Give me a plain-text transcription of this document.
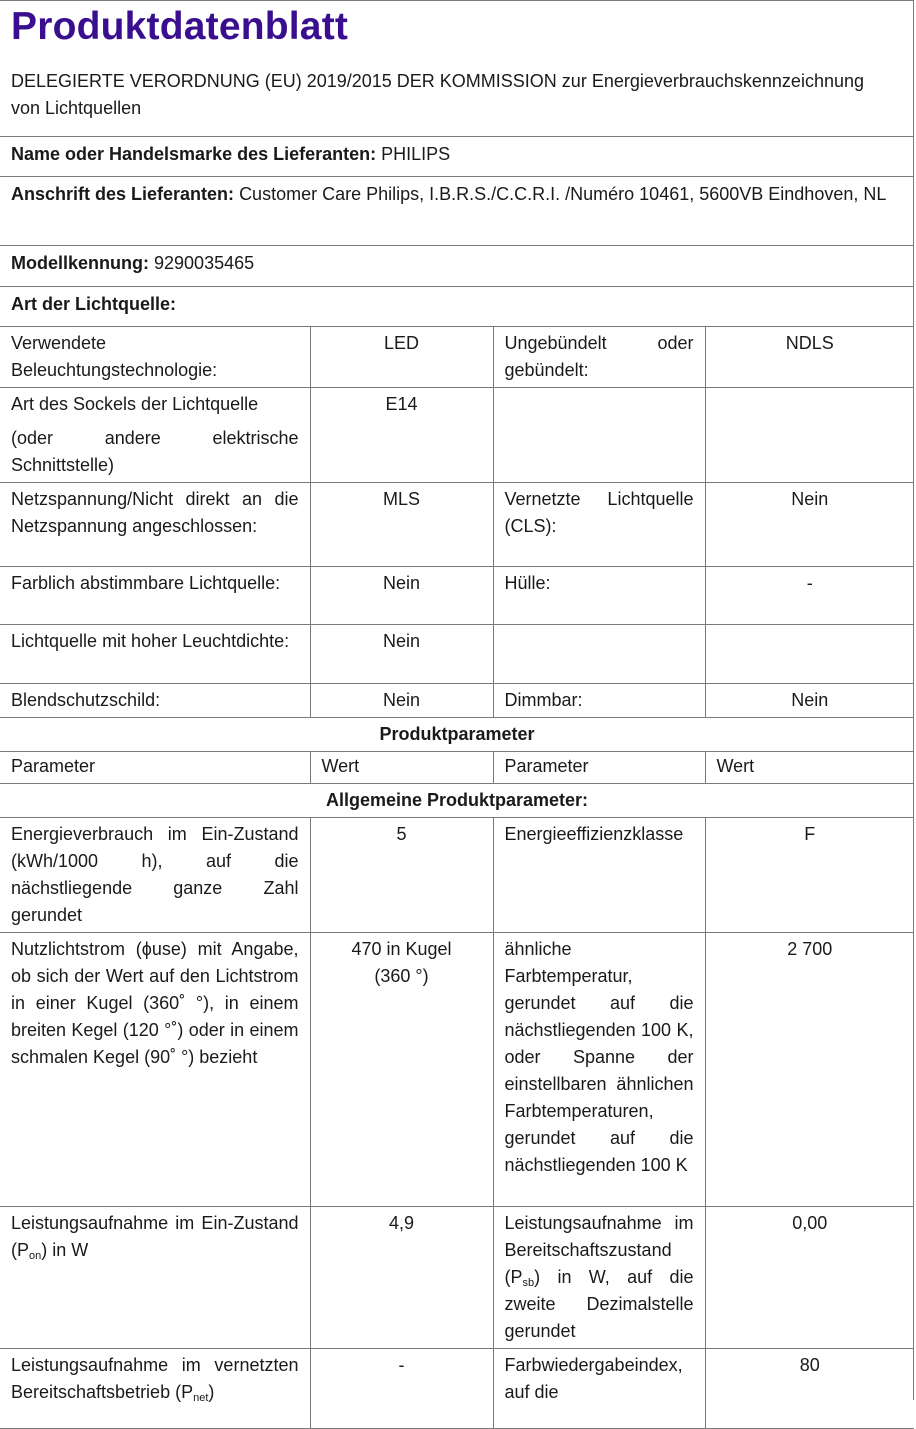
Produktdatenblatt
DELEGIERTE VERORDNUNG (EU) 2019/2015 DER KOMMISSION zur Energieverbrauchskennzeichnung von Lichtquellen
Name oder Handelsmarke des Lieferanten: PHILIPS
Anschrift des Lieferanten: Customer Care Philips, I.B.R.S./C.C.R.I. /Numéro 10461, 5600VB Eindhoven, NL
Modellkennung: 9290035465
Art der Lichtquelle:
Verwendete Beleuchtungstechnologie:	LED	Ungebündelt oder gebündelt:	NDLS

Art des Sockels der Lichtquelle
(oder andere elektrische Schnittstelle)	E14		
Netzspannung/Nicht direkt an die Netzspannung angeschlossen:	MLS	Vernetzte Lichtquelle (CLS):	Nein
Farblich abstimmbare Lichtquelle:	Nein	Hülle:	-
Lichtquelle mit hoher Leuchtdichte:	Nein		
Blendschutzschild:	Nein	Dimmbar:	Nein
Produktparameter			
Parameter	Wert	Parameter	Wert
Allgemeine Produktparameter:			
Energieverbrauch im Ein-Zustand (kWh/1000 h), auf die nächstliegende ganze Zahl gerundet	5	Energieeffizienzklasse	F
Nutzlichtstrom (ϕuse) mit Angabe, ob sich der Wert auf den Lichtstrom in einer Kugel (360˚ °), in einem breiten Kegel (120 °˚) oder in einem schmalen Kegel (90˚ °) bezieht	470 in Kugel (360 °)	ähnliche Farbtemperatur, gerundet auf die nächstliegenden 100 K, oder Spanne der einstellbaren ähnlichen Farbtemperaturen, gerundet auf die nächstliegenden 100 K	2 700
Leistungsaufnahme im Ein-Zustand $(P_{on})$ in W	4,9	Leistungsaufnahme im Bereitschaftszustand $(P_{sb})$ in W, auf die zweite Dezimalstelle gerundet	0,00
Leistungsaufnahme im vernetzten Bereitschaftsbetrieb $(P_{net})$	-	Farbwiedergabeindex, auf die	80
